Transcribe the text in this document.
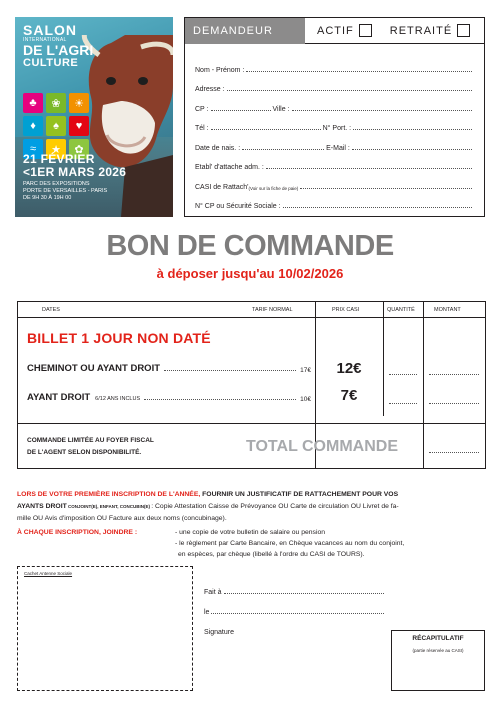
SALON
INTERNATIONAL
DE L'AGRI
CULTURE
♣	❀	☀
♦	♠	♥
≈	★	✿
21 FÉVRIER
<1ER MARS 2026
PARC DES EXPOSITIONS
PORTE DE VERSAILLES - PARIS
DE 9H 30 À 19H 00
DEMANDEUR	ACTIF	RETRAITÉ
Nom - Prénom :
Adresse :
CP :	Ville :
Tél :	N° Port. :
Date de nais. :	E-Mail :
Etabl' d'attache adm. :
CASI de Rattach' (Voir sur la fiche de paie)
N° CP ou Sécurité Sociale :
BON DE COMMANDE
à déposer jusqu'au 10/02/2026
DATES	TARIF NORMAL	PRIX CASI	QUANTITÉ	MONTANT
BILLET 1 JOUR NON DATÉ
CHEMINOT OU AYANT DROIT	17€	12€
AYANT DROIT 6/12 ANS INCLUS	10€	7€
COMMANDE LIMITÉE AU FOYER FISCAL
DE L'AGENT SELON DISPONIBILITÉ.	TOTAL COMMANDE
LORS DE VOTRE PREMIÈRE INSCRIPTION DE L'ANNÉE, FOURNIR UN JUSTIFICATIF DE RATTACHEMENT POUR VOS
AYANTS DROIT CONJOINT(E), ENFANT, CONCUBIN(E) : Copie Attestation Caisse de Prévoyance OU Carte de circulation OU Livret de fa-
mille OU Avis d'imposition OU Facture aux deux noms (concubinage).
À CHAQUE INSCRIPTION, JOINDRE :	- une copie de votre bulletin de salaire ou pension
- le règlement par Carte Bancaire, en Chèque vacances au nom du conjoint,
en espèces, par chèque (libellé à l'ordre du CASI de TOURS).
Cachet Antenne Sociale
Fait à
le
Signature
RÉCAPITULATIF
(partie réservée au CASI)
